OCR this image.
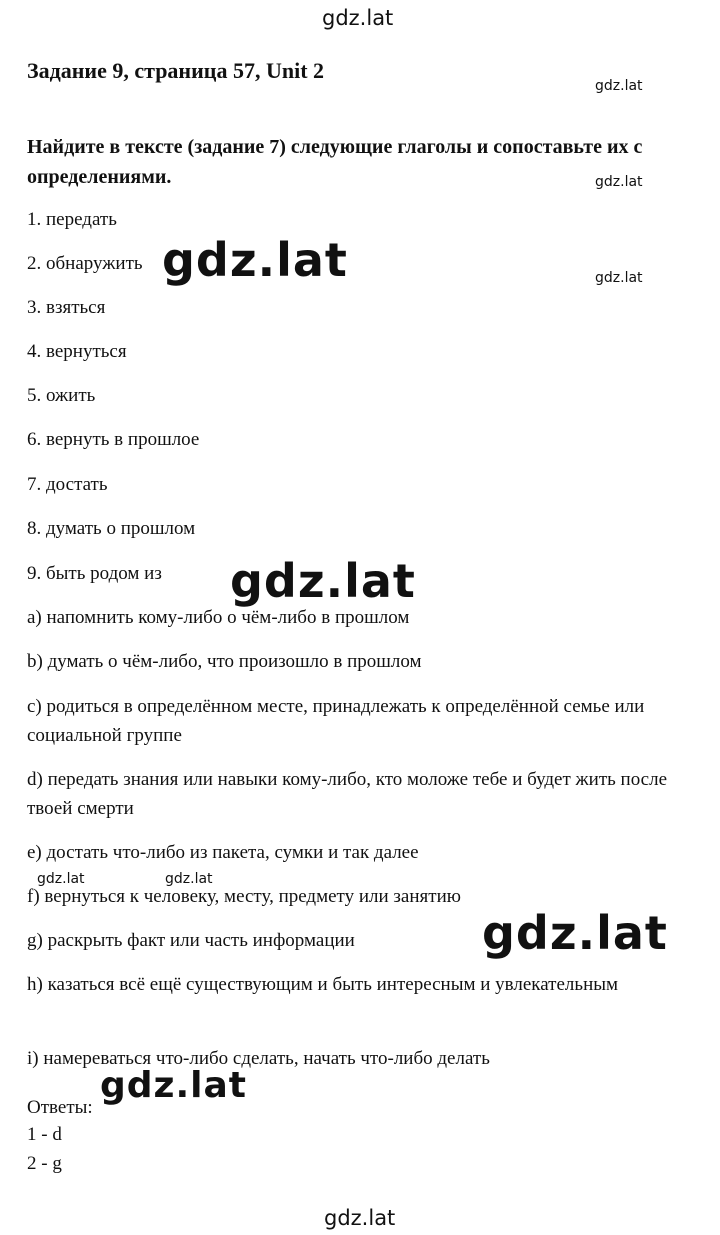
gdz.lat
gdz.lat
gdz.lat
gdz.lat
gdz.lat
gdz.lat
gdz.lat	gdz.lat
gdz.lat
gdz.lat
gdz.lat
Задание 9, страница 57, Unit 2
Найдите в тексте (задание 7) следующие глаголы и сопоставьте их с определениями.
1. передать
2. обнаружить
3. взяться
4. вернуться
5. ожить
6. вернуть в прошлое
7. достать
8. думать о прошлом
9. быть родом из
a) напомнить кому-либо о чём-либо в прошлом
b) думать о чём-либо, что произошло в прошлом
c) родиться в определённом месте, принадлежать к определённой семье или социальной группе
d) передать знания или навыки кому-либо, кто моложе тебе и будет жить после твоей смерти
e) достать что-либо из пакета, сумки и так далее
f) вернуться к человеку, месту, предмету или занятию
g) раскрыть факт или часть информации
h) казаться всё ещё существующим и быть интересным и увлекательным
i) намереваться что-либо сделать, начать что-либо делать
Ответы:
1 - d
2 - g
